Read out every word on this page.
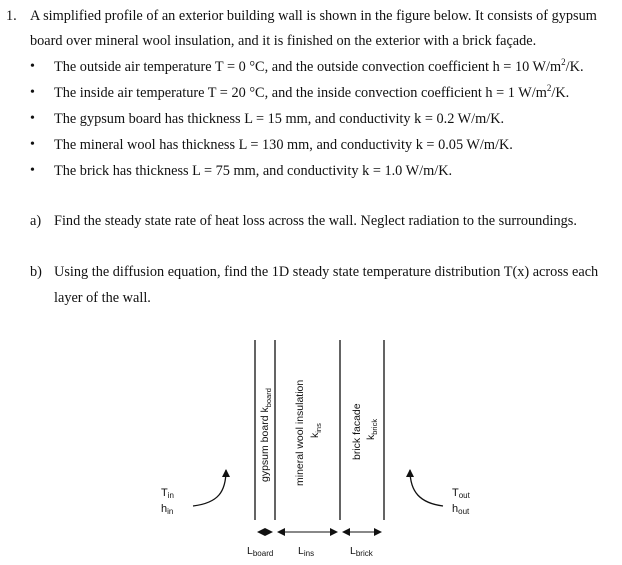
1. A simplified profile of an exterior building wall is shown in the figure below. It consists of gypsum
board over mineral wool insulation, and it is finished on the exterior with a brick façade.
• The outside air temperature T = 0 °C, and the outside convection coefficient h = 10 $W/m^2/K$.
• The inside air temperature T = 20 °C, and the inside convection coefficient h = 1 $W/m^2/K$.
• The gypsum board has thickness L = 15 mm, and conductivity k = 0.2 W/m/K.
• The mineral wool has thickness L = 130 mm, and conductivity k = 0.05 W/m/K.
• The brick has thickness L = 75 mm, and conductivity k = 1.0 W/m/K.
a) Find the steady state rate of heat loss across the wall. Neglect radiation to the surroundings.
b) Using the diffusion equation, find the 1D steady state temperature distribution T(x) across each
layer of the wall.
gypsum board $k_{board}$ mineral wool insulation $k_{ins}$	brick facade $k_{brick}$
Tin
hin
Tout
hout
Lboard Lins	Lbrick
